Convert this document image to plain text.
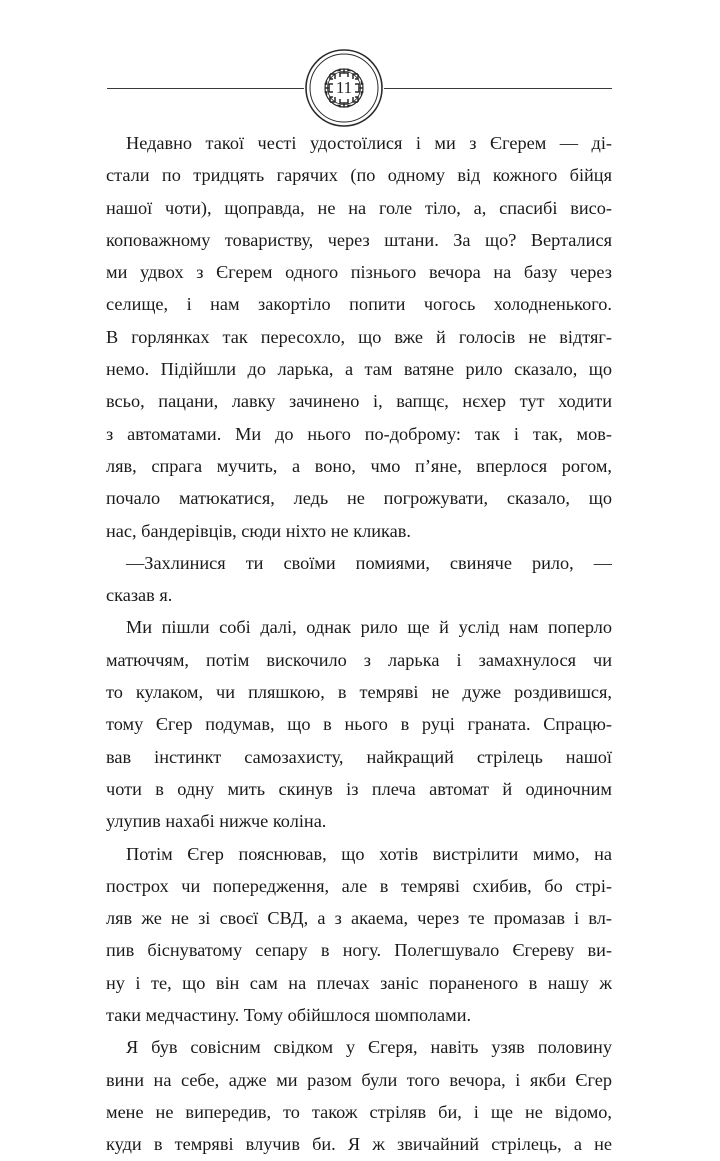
11
Недавно такої честі удостоїлися і ми з Єгерем — ді-
стали по тридцять гарячих (по одному від кожного бійця
нашої чоти), щоправда, не на голе тіло, а, спасибі висо-
коповажному товариству, через штани. За що? Верталися
ми удвох з Єгерем одного пізнього вечора на базу через
селище, і нам закортіло попити чогось холодненького.
В горлянках так пересохло, що вже й голосів не відтяг-
немо. Підійшли до ларька, а там ватяне рило сказало, що
всьо, пацани, лавку зачинено і, вапщє, нєхер тут ходити
з автоматами. Ми до нього по-доброму: так і так, мов-
ляв, спрага мучить, а воно, чмо п’яне, вперлося рогом,
почало матюкатися, ледь не погрожувати, сказало, що
нас, бандерівців, сюди ніхто не кликав.
—Захлинися ти своїми помиями, свиняче рило, —
сказав я.
Ми пішли собі далі, однак рило ще й услід нам поперло
матюччям, потім вискочило з ларька і замахнулося чи
то кулаком, чи пляшкою, в темряві не дуже роздивишся,
тому Єгер подумав, що в нього в руці граната. Спрацю-
вав інстинкт самозахисту, найкращий стрілець нашої
чоти в одну мить скинув із плеча автомат й одиночним
улупив нахабі нижче коліна.
Потім Єгер пояснював, що хотів вистрілити мимо, на
построх чи попередження, але в темряві схибив, бо стрі-
ляв же не зі своєї СВД, а з акаема, через те промазав і вл-
пив біснуватому сепару в ногу. Полегшувало Єгереву ви-
ну і те, що він сам на плечах заніс пораненого в нашу ж
таки медчастину. Тому обійшлося шомполами.
Я був совісним свідком у Єгеря, навіть узяв половину
вини на себе, адже ми разом були того вечора, і якби Єгер
мене не випередив, то також стріляв би, і ще не відомо,
куди в темряві влучив би. Я ж звичайний стрілець, а не
